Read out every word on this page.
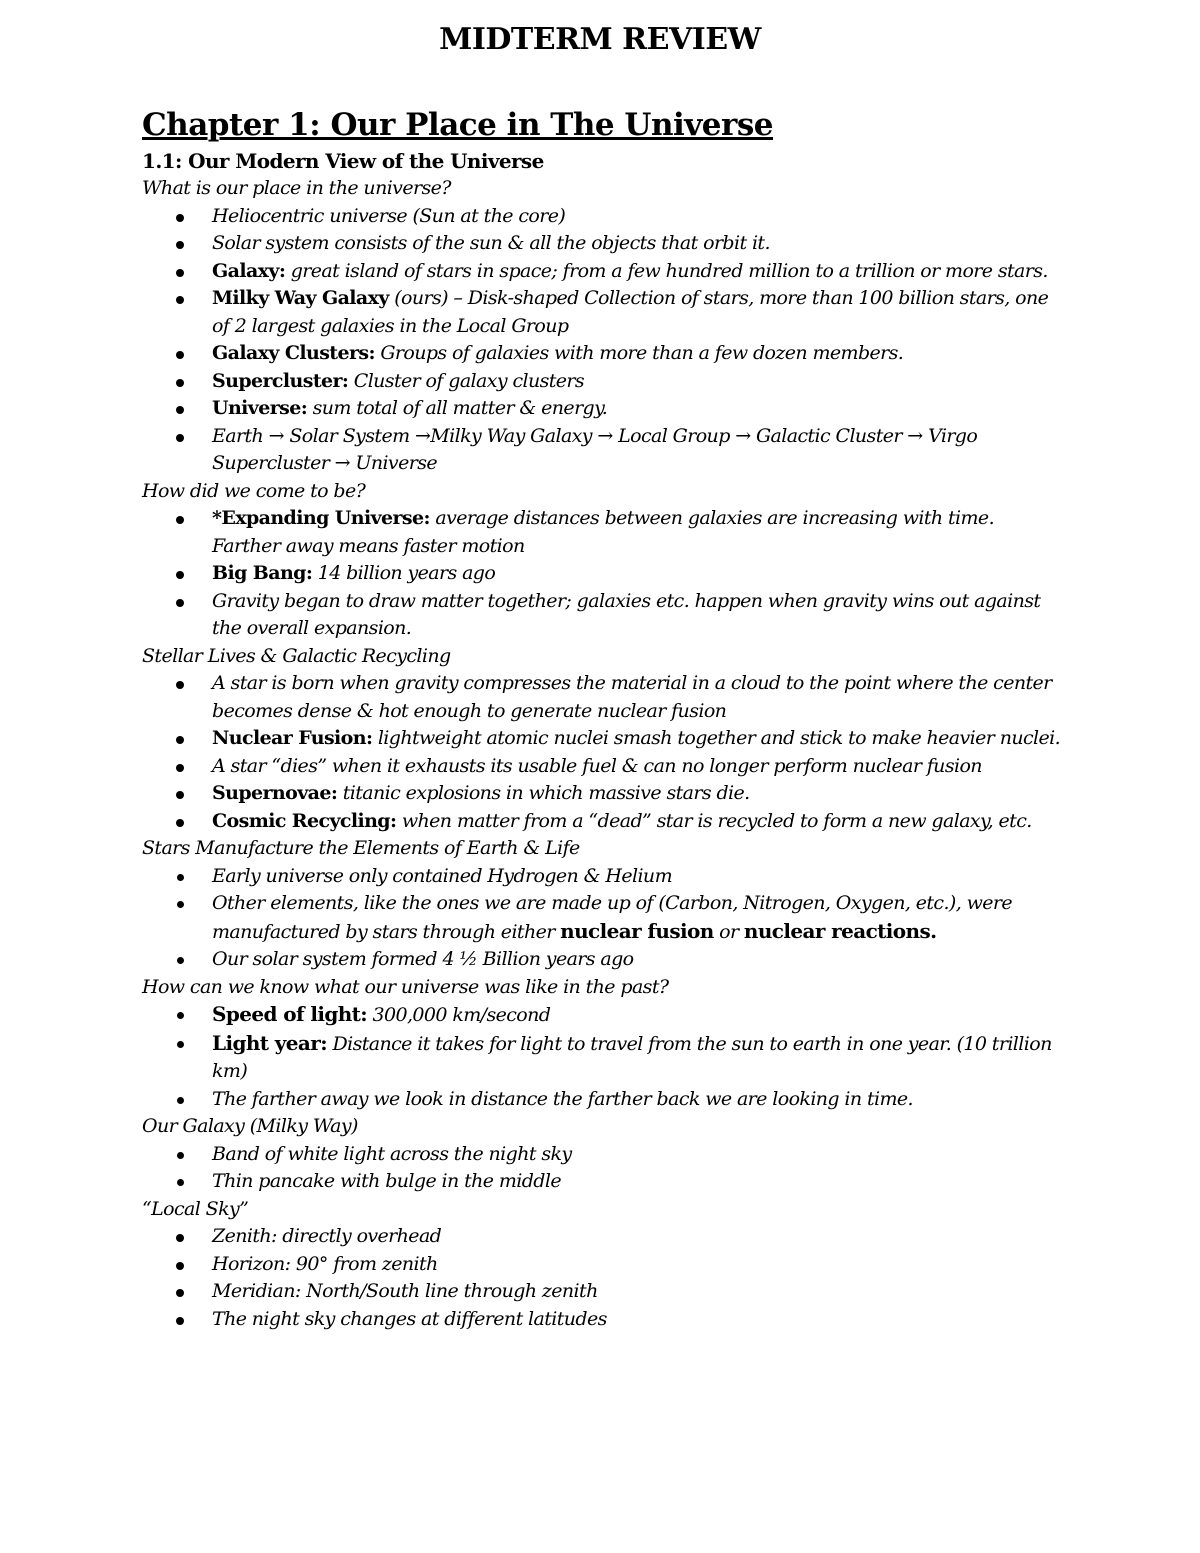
MIDTERM REVIEW
Chapter 1: Our Place in The Universe
1.1: Our Modern View of the Universe
What is our place in the universe?
Heliocentric universe (Sun at the core)
Solar system consists of the sun & all the objects that orbit it.
Galaxy: great island of stars in space; from a few hundred million to a trillion or more stars.
Milky Way Galaxy (ours) – Disk-shaped Collection of stars, more than 100 billion stars, one of 2 largest galaxies in the Local Group
Galaxy Clusters: Groups of galaxies with more than a few dozen members.
Supercluster: Cluster of galaxy clusters
Universe: sum total of all matter & energy.
Earth → Solar System →Milky Way Galaxy → Local Group → Galactic Cluster → Virgo Supercluster → Universe
How did we come to be?
*Expanding Universe: average distances between galaxies are increasing with time. Farther away means faster motion
Big Bang: 14 billion years ago
Gravity began to draw matter together; galaxies etc. happen when gravity wins out against the overall expansion.
Stellar Lives & Galactic Recycling
A star is born when gravity compresses the material in a cloud to the point where the center becomes dense & hot enough to generate nuclear fusion
Nuclear Fusion: lightweight atomic nuclei smash together and stick to make heavier nuclei.
A star “dies” when it exhausts its usable fuel & can no longer perform nuclear fusion
Supernovae: titanic explosions in which massive stars die.
Cosmic Recycling: when matter from a “dead” star is recycled to form a new galaxy, etc.
Stars Manufacture the Elements of Earth & Life
Early universe only contained Hydrogen & Helium
Other elements, like the ones we are made up of (Carbon, Nitrogen, Oxygen, etc.), were manufactured by stars through either nuclear fusion or nuclear reactions.
Our solar system formed 4 ½ Billion years ago
How can we know what our universe was like in the past?
Speed of light: 300,000 km/second
Light year: Distance it takes for light to travel from the sun to earth in one year. (10 trillion km)
The farther away we look in distance the farther back we are looking in time.
Our Galaxy (Milky Way)
Band of white light across the night sky
Thin pancake with bulge in the middle
“Local Sky”
Zenith: directly overhead
Horizon: 90° from zenith
Meridian: North/South line through zenith
The night sky changes at different latitudes
